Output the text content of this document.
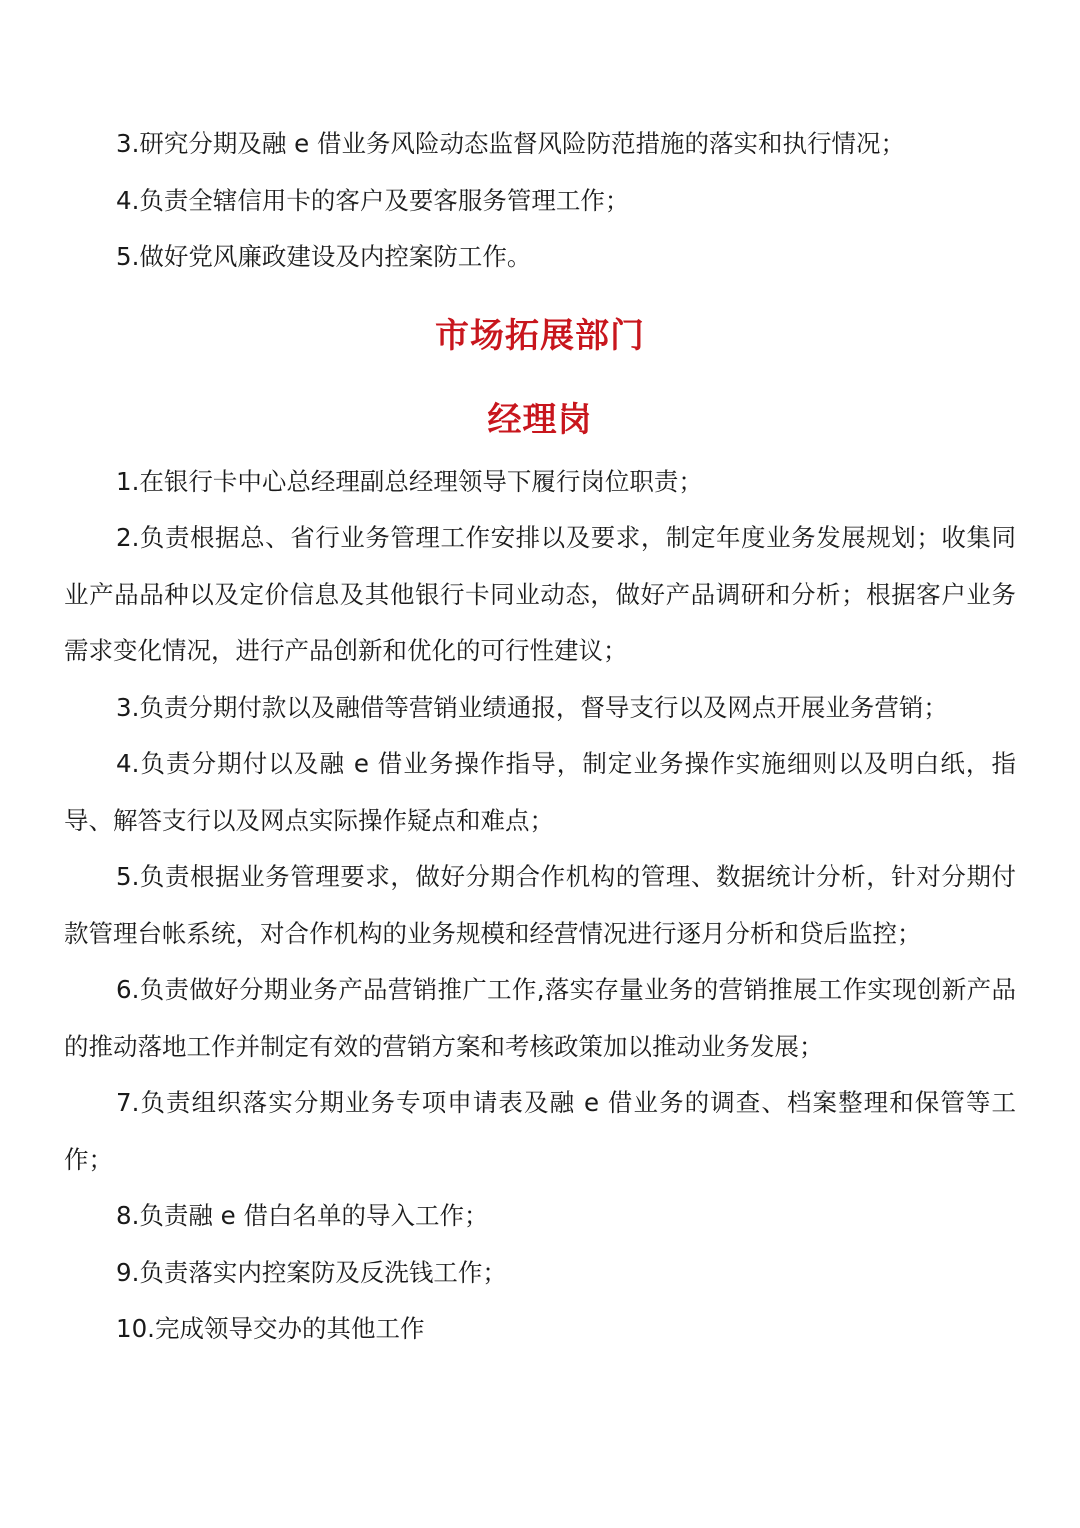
3.研究分期及融 e 借业务风险动态监督风险防范措施的落实和执行情况；

4.负责全辖信用卡的客户及要客服务管理工作；

5.做好党风廉政建设及内控案防工作。

市场拓展部门
经理岗

1.在银行卡中心总经理副总经理领导下履行岗位职责；

2.负责根据总、省行业务管理工作安排以及要求，制定年度业务发展规划；收集同业产品品种以及定价信息及其他银行卡同业动态，做好产品调研和分析；根据客户业务需求变化情况，进行产品创新和优化的可行性建议；

3.负责分期付款以及融借等营销业绩通报，督导支行以及网点开展业务营销；

4.负责分期付以及融 e 借业务操作指导，制定业务操作实施细则以及明白纸，指导、解答支行以及网点实际操作疑点和难点；

5.负责根据业务管理要求，做好分期合作机构的管理、数据统计分析，针对分期付款管理台帐系统，对合作机构的业务规模和经营情况进行逐月分析和贷后监控；

6.负责做好分期业务产品营销推广工作,落实存量业务的营销推展工作实现创新产品的推动落地工作并制定有效的营销方案和考核政策加以推动业务发展；

7.负责组织落实分期业务专项申请表及融 e 借业务的调查、档案整理和保管等工作；

8.负责融 e 借白名单的导入工作；

9.负责落实内控案防及反洗钱工作；

10.完成领导交办的其他工作
